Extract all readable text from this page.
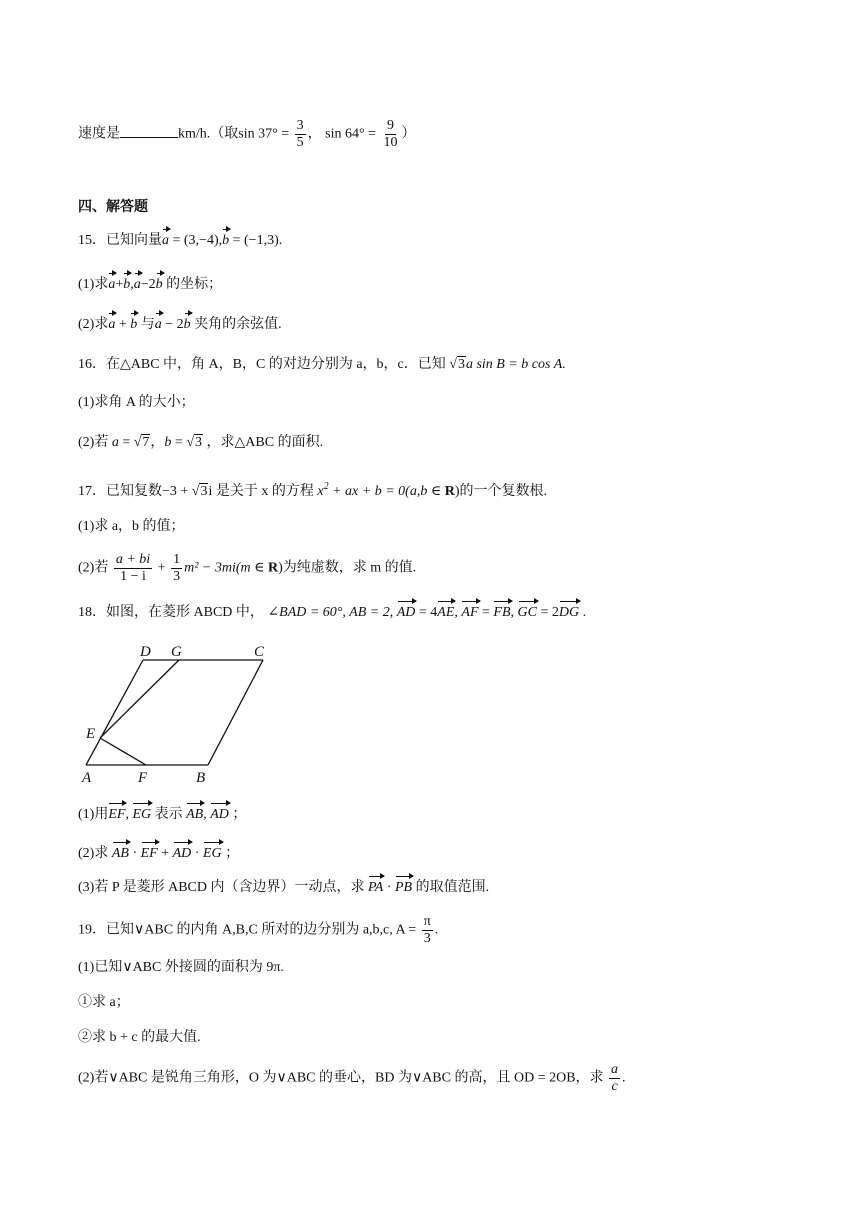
速度是	km/h.（取$\sin 37^\circ = \frac{3}{5}$ ， $\sin 64^\circ = \frac{9}{10}$ ）
四、解答题
15．已知向量a = (3,−4),b = (−1,3).
(1)求a+b,a−2b 的坐标；
(2)求a + b 与a − 2b 夹角的余弦值.
16．在△ABC 中，角 A，B，C 的对边分别为 a，b，c．已知 √3a sin B = b cos A.
(1)求角 A 的大小；
(2)若 a = √7，b = √3 ，求△ABC 的面积.
17．已知复数−3 + √3i 是关于 x 的方程 $x^2$ + ax + b = 0(a,b ∈ R)的一个复数根.
(1)求 a，b 的值；
(2)若 $\frac{a + bi}{1 - i} + \frac{1}{3} m^2 - 3mi(m$ ∈ R)为纯虚数，求 m 的值.
18．如图，在菱形 ABCD 中， ∠BAD = 60°, AB = 2, AD = 4AE, AF = FB, GC = 2DG .
A	B
C
D
E
F
G
(1)用EF, EG 表示 AB, AD ；
(2)求 AB · EF + AD · EG ；
(3)若 P 是菱形 ABCD 内（含边界）一动点，求 PA · PB 的取值范围.
19．已知∨ABC 的内角 A,B,C 所对的边分别为 a,b,c, $A = \frac{\pi}{3}$ .
(1)已知∨ABC 外接圆的面积为 9π.
①求 a；
②求 b + c 的最大值.
(2)若∨ABC 是锐角三角形，O 为∨ABC 的垂心，BD 为∨ABC 的高，且 OD = 2OB，求 $\frac{a}{c}$ .
